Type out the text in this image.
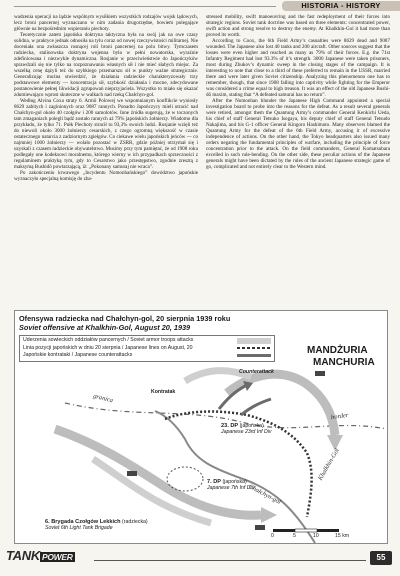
HISTORIA - HISTORY

wadzenia operacji na lądzie wspólnym wysiłkiem wszystkich rodzajów wojsk lądowych, lecz broni pancernej wyznaczano w nim zadania drugorzędne, bowiem polegające głównie na bezpośrednim wspieraniu piechoty.

Teoretycznie zatem japońska doktryna taktyczna była na swój jak na owe czasy solidna, w praktyce jednak odnosiła na tylu coraz od nowej rzeczywistości militarnej. Nie doceniała ona zwłaszcza rosnącej roli broni pancernej na polu bitwy. Tymczasem radziecka, stalinowska doktryna wojenna była w pełni nowatorska, wyraźnie zdefiniowana i niezwykle dynamiczna. Rosjanie w przeciwieństwie do Japończyków sprawdzali się nie tylko na rozpoznawaniu własnych sił i nie mieć słabych miejsc. Za wszelką cenę dążyli też do szybkiego przemarszu sił w punkty ważne strategicznie. Generalizując można stwierdzić, że działania radzieckie charakteryzowały trzy podstawowe elementy — koncentracja sił, szybkość działania i mocne, zdecydowane postanowienie pełnej likwidacji zgrupowań nieprzyjaciela. Wszystko to miało się okazać zdumiewająco wprost skuteczne w walkach nad rzeką Chałchyn-gol.

Według Alvina Coxa straty 6. Armii Polowej we wspomnianym konflikcie wyniosły 8629 zabitych i zaginionych oraz 9087 rannych. Ponadto Japończycy mieli utracić nad Chałchyn-gol około 40 czołgów i 200 samolotów. Inne źródła sugerują, że w toczonych tam zmaganiach polegli bądź zostało rannych aż 79% japońskich żołnierzy. Wiadomo dla przykładu, że tylko 71. Pułk Piechoty stracił tu 93,3% swoich ludzi. Rosjanie wzięli też do niewoli około 3000 żołnierzy cesarskich, z czego ogromną większość w czasie ostatecznego natarcia z zadziornym zgiełgów. Co ciekawe wielu japońskich jeńców — co najmniej 1000 żołnierzy — wolało pozostać w ZSRR, gdzie później otrzymał się i uzyskali z czasem radzieckie obywatelstwo. Musimy przy tym pamiętać, że od 1908 roku podlegały one kodeksowi moralnemu, którego wierny w ich przypadkach sprzeczności z regulaminem praktyką tym, gdy to Cesarstwo jako przestępstwo, zgodnie zresztą z maksymą Bushidō powtarzającą, iż: „Pokonany samuraj nie wraca”.

Po zakończeniu krwawego „Incydentu Nomonhańskiego” dowództwo japońskie wyznaczyło specjalną komisję do zba-

stressed mobility, swift manoeuvring and the fast redeployment of their forces into strategic regions. Soviet tank doctrine was based on three elements: concentrated power, swift action and strong resolve to destroy the enemy. At Khalkhin-Gol it had more than proved its worth.

According to Coox, the 6th Field Army’s casualties were 8629 dead and 9087 wounded. The Japanese also lost 40 tanks and 200 aircraft. Other sources suggest that the losses were even higher and reached as many as 79% of their forces. E.g. the 71st Infantry Regiment had lost 93.3% of it’s strength. 3000 Japanese were taken prisoners, most during Zhukov’s dynamic sweep in the closing stages of the campaign. It is interesting to note that close to a third of these preferred to remain in the USSR, married there and were later given Soviet citizenship. Analyzing this phenomenon one has to remember, though, that since 1908 falling into captivity while fighting for the Emperor was considered a crime equal to high treason. It was an effect of the old Japanese Bushi-dō maxim, stating that “A defeated samurai has no return”.

After the Nomonhan blunder the Japanese High Command appointed a special investigation board to probe into the reasons for the defeat. As a result several generals were retired, amongst them the Quantung Army’s commander General Kenkichi Ueda, his chief of staff General Tetsuko Isogaya, his deputy chief of staff General Tetsudo Nakajima, and his G-1 officer General Kingoro Hashimoto. Many observers blamed the Quantung Army for the defeat of the 6th Field Army, accusing it of excessive independence of actions. On the other hand, the Tokyo headquarters also issued many orders negating the fundamental principles of warfare, including the principle of force concentration prior to the attack. On the field commanders, General Komatsubara excelled in such rule-bending. On the other side, these peculiar actions of the Japanese generals might have been dictated by the rules of the ancient Japanese strategic game of go, complicated and not entirely clear to the Western mind.

Ofensywa radziecka nad Chałchyn-gol, 20 sierpnia 1939 roku
Soviet offensive at Khalkhin-Gol, August 20, 1939
Uderzenia sowieckich oddziałów pancernych / Soviet armor troops attacks
Linia pozycji japońskich w dniu 20 sierpnia / Japanese lines on August, 20
Japońskie kontrataki / Japanese counterattacks	MANDŻURIA
MANCHURIA
Kontratak
Counterattack
23. DP (japońska)
Japanese 23rd Inf Div
7. DP (japońska)
Japanese 7th Inf Div
6. Brygada Czołgów Lekkich (radziecka)
Soviet 6th Light Tank Brigade
Chałchyn-gol
Khalkhin-Gol
granica
border
0	5	10	15 km
TANK POWER	55
